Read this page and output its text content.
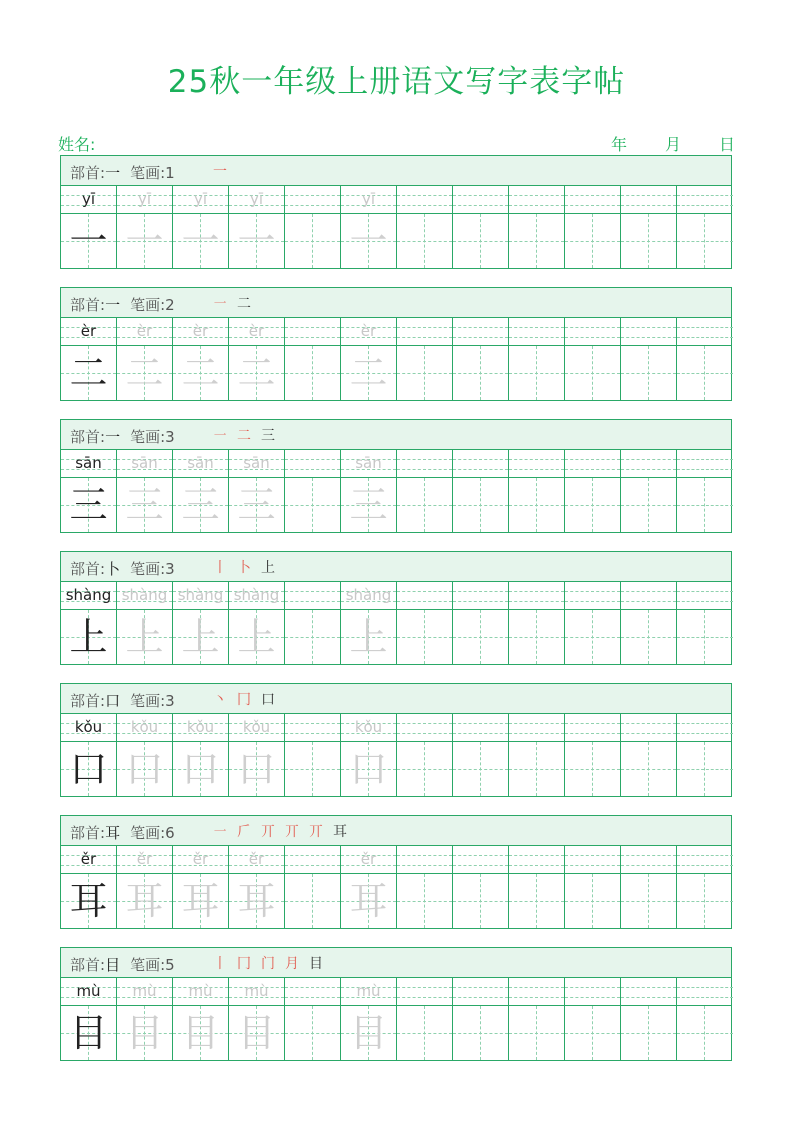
25秋一年级上册语文写字表字帖
姓名:	年 月 日
部首:一 笔画:1	一
yī	yī	yī	yī	yī
一 一 一 一 一
部首:一 笔画:2	㇐ 二
èr	èr	èr	èr	èr
二 二 二 二 二
部首:一 笔画:3	㇐ 二 三
sān	sān	sān	sān	sān
三 三 三 三 三
部首:卜 笔画:3	丨 卜 上
shàng shàng shàng shàng	shàng
上 上 上 上 上
部首:口 笔画:3	丶 冂 口
kǒu	kǒu	kǒu	kǒu	kǒu
口 口 口 口 口
部首:耳 笔画:6	㇐ 𠂆 丌 丌 丌 耳
ěr	ěr	ěr	ěr	ěr
耳 耳 耳 耳 耳
部首:目 笔画:5	丨 冂 门 月 目
mù	mù	mù	mù	mù
目 目 目 目 目
